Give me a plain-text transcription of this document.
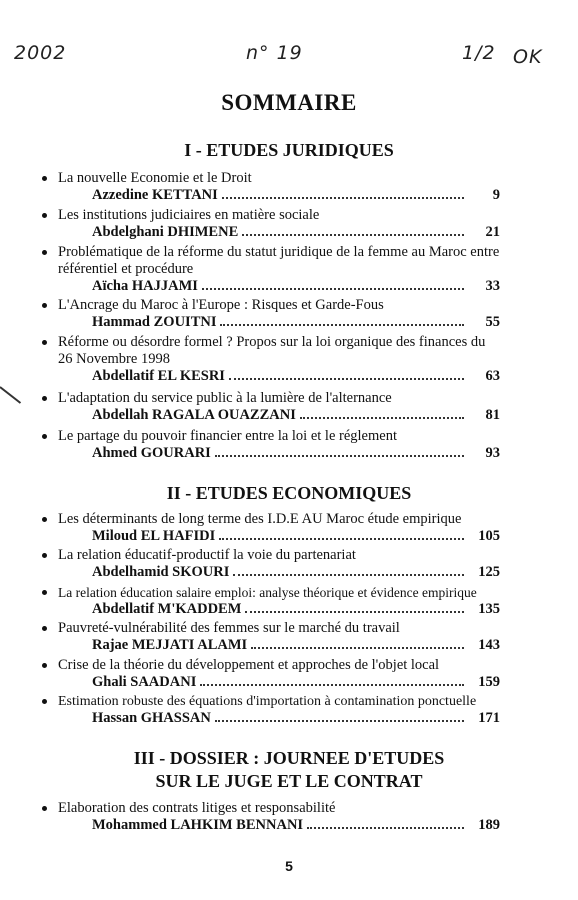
2002	n° 19	1/2 OK
SOMMAIRE
I - ETUDES JURIDIQUES
La nouvelle Economie et le Droit
Azzedine KETTANI	9
Les institutions judiciaires en matière sociale
Abdelghani DHIMENE	21
Problématique de la réforme du statut juridique de la femme au Maroc entre référentiel et procédure
Aïcha HAJJAMI	33
L'Ancrage du Maroc à l'Europe : Risques et Garde-Fous
Hammad ZOUITNI	55
Réforme ou désordre formel ? Propos sur la loi organique des finances du 26 Novembre 1998
Abdellatif EL KESRI	63
L'adaptation du service public à la lumière de l'alternance
Abdellah RAGALA OUAZZANI	81
Le partage du pouvoir financier entre la loi et le réglement
Ahmed GOURARI	93
II - ETUDES ECONOMIQUES
Les déterminants de long terme des I.D.E AU Maroc étude empirique
Miloud EL HAFIDI	105
La relation éducatif-productif la voie du partenariat
Abdelhamid SKOURI	125
La relation éducation salaire emploi: analyse théorique et évidence empirique
Abdellatif M'KADDEM	135
Pauvreté-vulnérabilité des femmes sur le marché du travail
Rajae MEJJATI ALAMI	143
Crise de la théorie du développement et approches de l'objet local
Ghali SAADANI	159
Estimation robuste des équations d'importation à contamination ponctuelle
Hassan GHASSAN	171
III - DOSSIER : JOURNEE D'ETUDES
SUR LE JUGE ET LE CONTRAT
Elaboration des contrats litiges et responsabilité
Mohammed LAHKIM BENNANI	189
5
